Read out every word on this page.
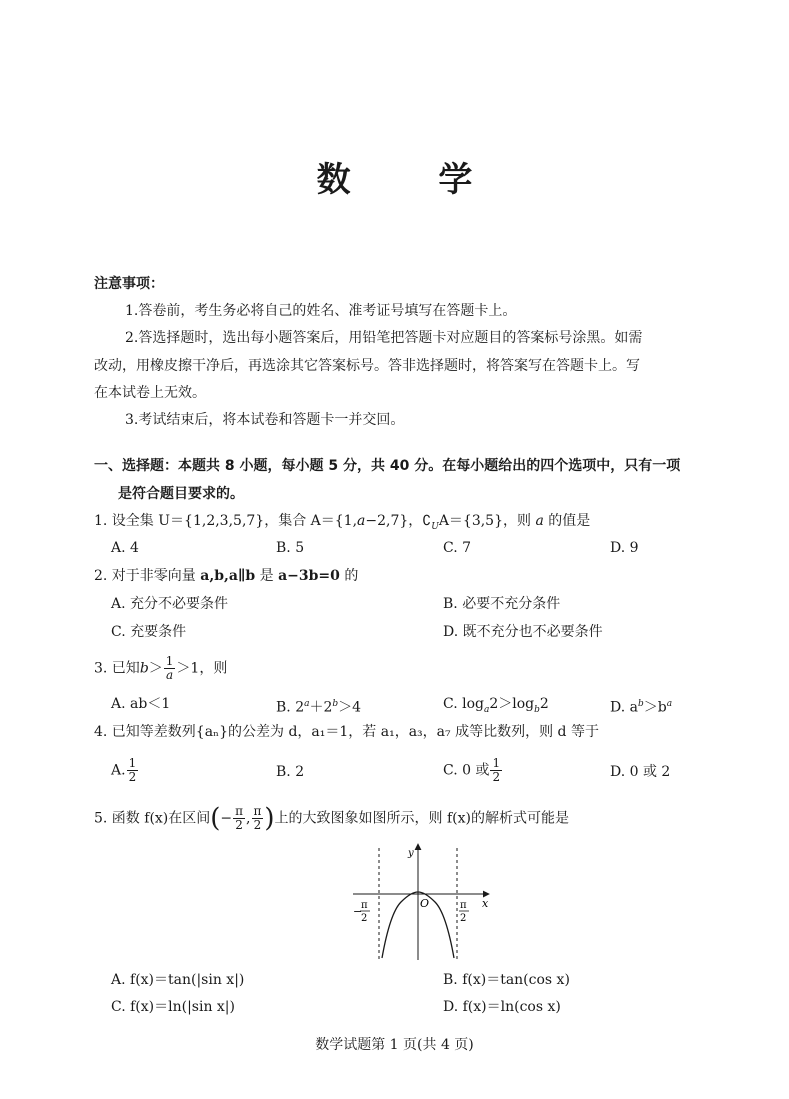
数 学
注意事项：
1.答卷前，考生务必将自己的姓名、准考证号填写在答题卡上。
2.答选择题时，选出每小题答案后，用铅笔把答题卡对应题目的答案标号涂黑。如需
改动，用橡皮擦干净后，再选涂其它答案标号。答非选择题时，将答案写在答题卡上。写
在本试卷上无效。
3.考试结束后，将本试卷和答题卡一并交回。
一、选择题：本题共 8 小题，每小题 5 分，共 40 分。在每小题给出的四个选项中，只有一项
是符合题目要求的。
1. 设全集 U＝{1,2,3,5,7}，集合 A＝{1,a−2,7}，$∁_UA=\{3,5\}$，则 a 的值是
A. 4	B. 5	C. 7	D. 9
2. 对于非零向量 a,b,a∥b 是 a−3b=0 的
A. 充分不必要条件	B. 必要不充分条件
C. 充要条件	D. 既不充分也不必要条件
3. 已知$b> \frac{1}{a} >1$，则
A. ab＜1	B. $2^a+2^b>4$	C. $\log_a2>\log_b2$	D. $a^b>b^a$
4. 已知等差数列{aₙ}的公差为 d，a₁＝1，若 a₁，a₃，a₇ 成等比数列，则 d 等于
A. $\frac{1}{2}$	B. 2	C. 0 或 $\frac{1}{2}$	D. 0 或 2
5. 函数 f(x)在区间(− $\frac{\pi}{2}$ , $\frac{\pi}{2}$ )上的大致图象如图所示，则 f(x)的解析式可能是
y
x
O
−
π
2
π
2
A. f(x)＝tan(|sin x|)	B. f(x)＝tan(cos x)
C. f(x)＝ln(|sin x|)	D. f(x)＝ln(cos x)
数学试题第 1 页(共 4 页)
